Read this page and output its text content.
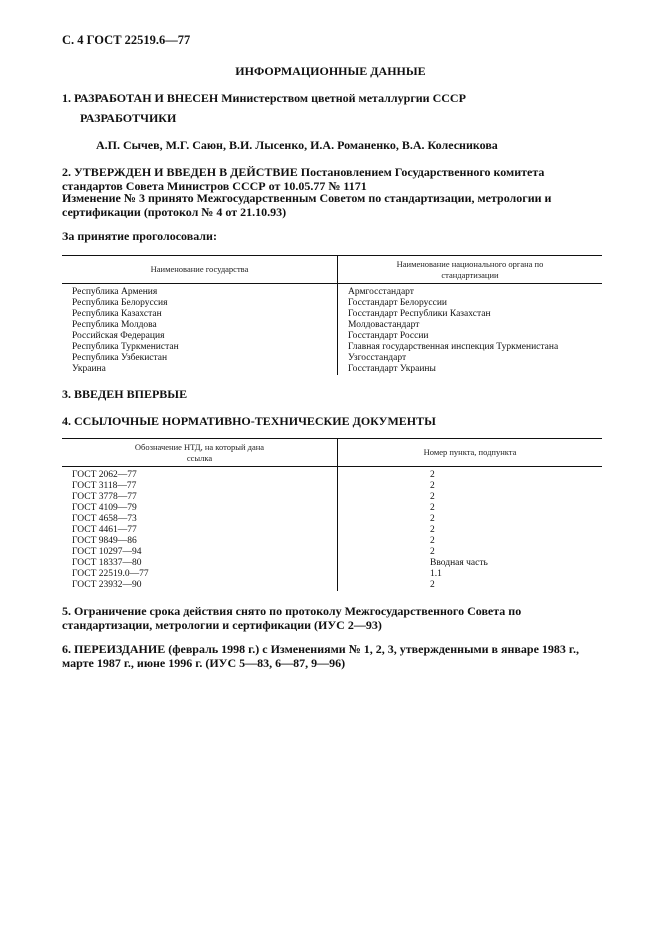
С. 4 ГОСТ 22519.6—77
ИНФОРМАЦИОННЫЕ ДАННЫЕ
1. РАЗРАБОТАН И ВНЕСЕН Министерством цветной металлургии СССР
РАЗРАБОТЧИКИ
А.П. Сычев, М.Г. Саюн, В.И. Лысенко, И.А. Романенко, В.А. Колесникова
2. УТВЕРЖДЕН И ВВЕДЕН В ДЕЙСТВИЕ Постановлением Государственного комитета стандартов Совета Министров СССР от 10.05.77 № 1171
Изменение № 3 принято Межгосударственным Советом по стандартизации, метрологии и сертификации (протокол № 4 от 21.10.93)
За принятие проголосовали:
Наименование государства	Наименование национального органа по стандартизации
Республика Армения	Армгосстандарт
Республика Белоруссия	Госстандарт Белоруссии
Республика Казахстан	Госстандарт Республики Казахстан
Республика Молдова	Молдовастандарт
Российская Федерация	Госстандарт России
Республика Туркменистан	Главная государственная инспекция Туркменистана
Республика Узбекистан	Узгосстандарт
Украина	Госстандарт Украины
3. ВВЕДЕН ВПЕРВЫЕ
4. ССЫЛОЧНЫЕ НОРМАТИВНО-ТЕХНИЧЕСКИЕ ДОКУМЕНТЫ
Обозначение НТД, на который дана ссылка	Номер пункта, подпункта
ГОСТ 2062—77	2
ГОСТ 3118—77	2
ГОСТ 3778—77	2
ГОСТ 4109—79	2
ГОСТ 4658—73	2
ГОСТ 4461—77	2
ГОСТ 9849—86	2
ГОСТ 10297—94	2
ГОСТ 18337—80	Вводная часть
ГОСТ 22519.0—77	1.1
ГОСТ 23932—90	2
5. Ограничение срока действия снято по протоколу Межгосударственного Совета по стандартизации, метрологии и сертификации (ИУС 2—93)
6. ПЕРЕИЗДАНИЕ (февраль 1998 г.) с Изменениями № 1, 2, 3, утвержденными в январе 1983 г., марте 1987 г., июне 1996 г. (ИУС 5—83, 6—87, 9—96)
